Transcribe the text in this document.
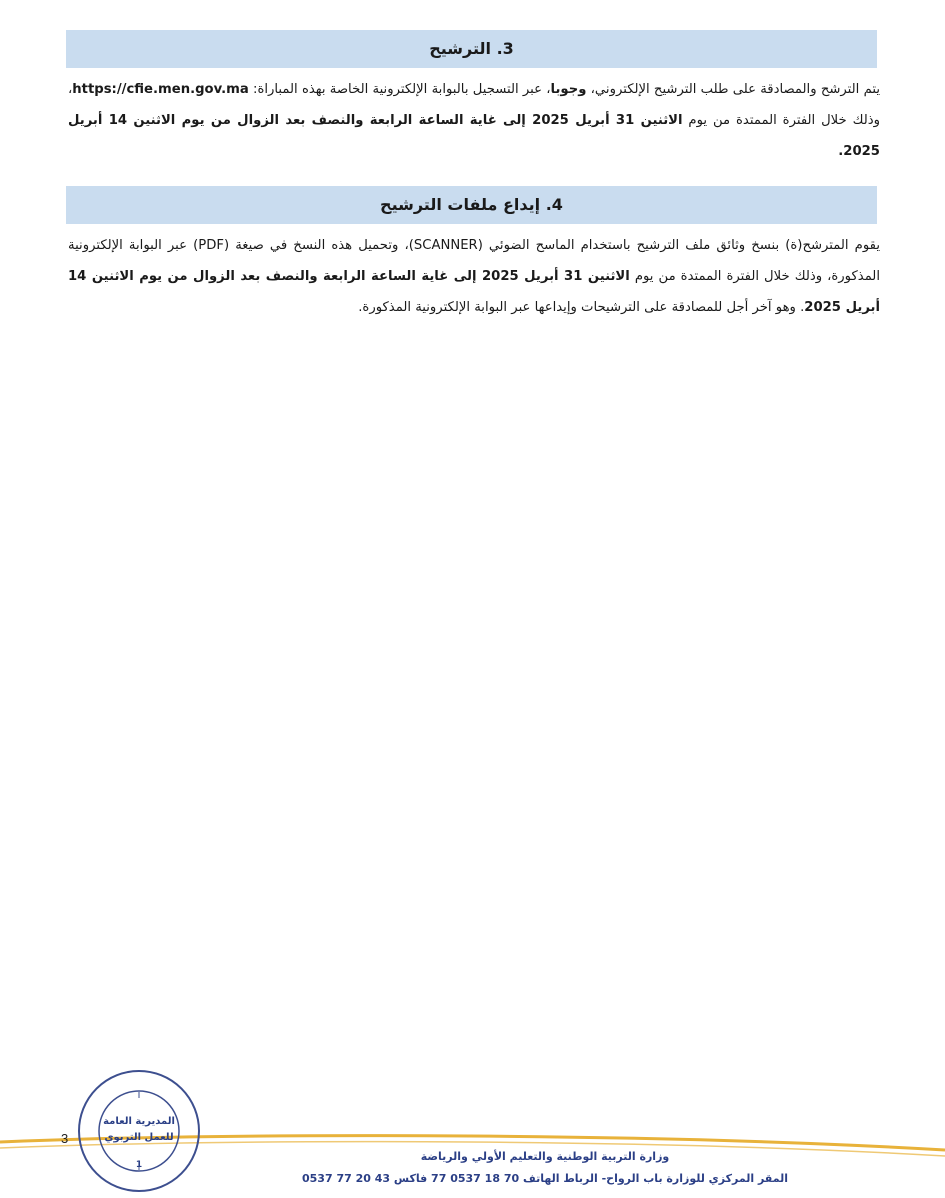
3. الترشيح
يتم الترشح والمصادقة على طلب الترشيح الإلكتروني، وجوبا، عبر التسجيل بالبوابة الإلكترونية الخاصة بهذه المباراة: https://cfie.men.gov.ma، وذلك خلال الفترة الممتدة من يوم الاثنين 31 أبريل 2025 إلى غاية الساعة الرابعة والنصف بعد الزوال من يوم الاثنين 14 أبريل 2025.
4. إيداع ملفات الترشيح
يقوم المترشح(ة) بنسخ وثائق ملف الترشيح باستخدام الماسح الضوئي (SCANNER)، وتحميل هذه النسخ في صيغة (PDF) عبر البوابة الإلكترونية المذكورة، وذلك خلال الفترة الممتدة من يوم الاثنين 31 أبريل 2025 إلى غاية الساعة الرابعة والنصف بعد الزوال من يوم الاثنين 14 أبريل 2025. وهو آخر أجل للمصادقة على الترشيحات وإيداعها عبر البوابة الإلكترونية المذكورة.
3
وزارة التربية الوطنية والتعليم الأولي والرياضة
المقر المركزي للوزارة باب الرواح- الرباط الهاتف 70 18 0537 77 فاكس 43 20 77 0537
المديرية العامة
للعمل التربوي
1
